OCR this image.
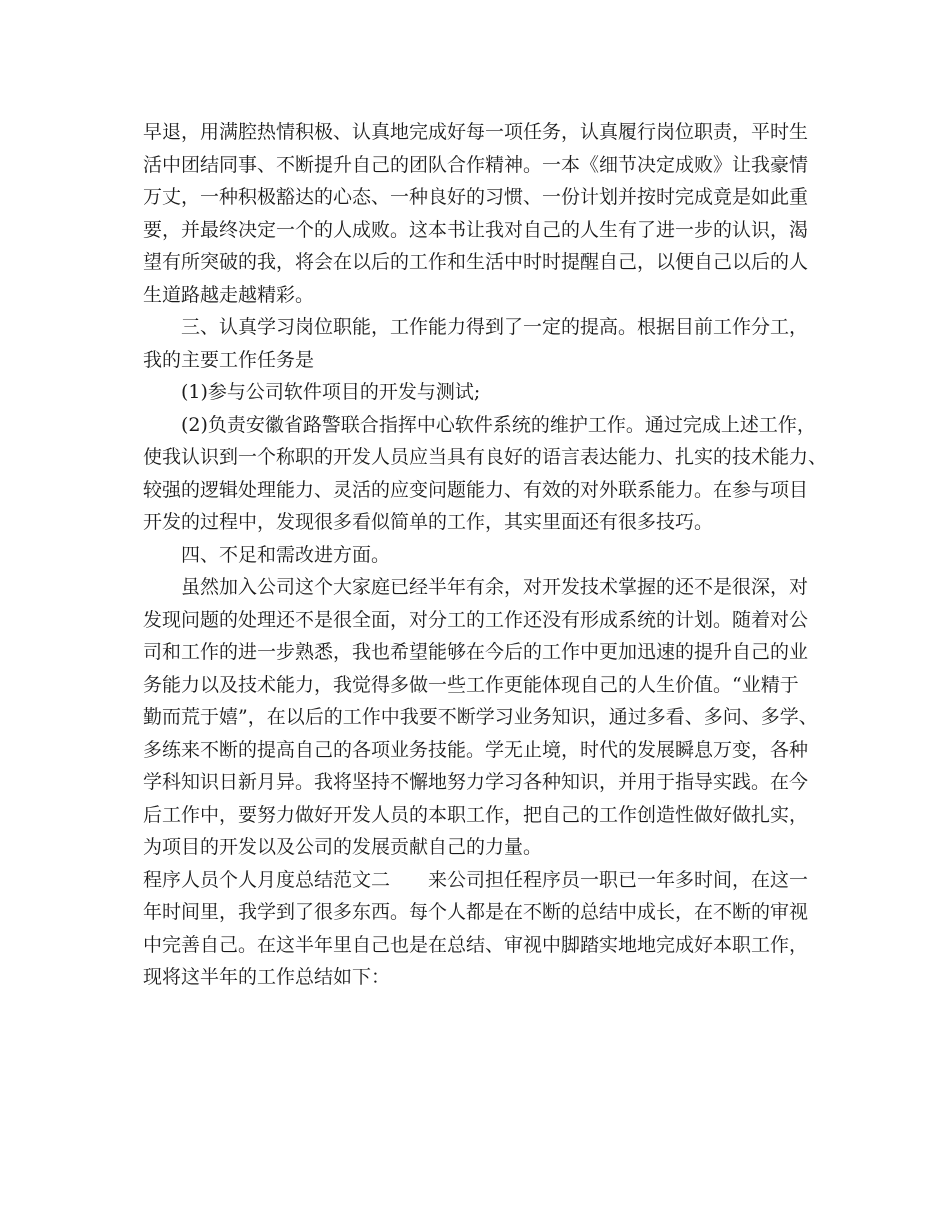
早退，用满腔热情积极、认真地完成好每一项任务，认真履行岗位职责，平时生
活中团结同事、不断提升自己的团队合作精神。一本《细节决定成败》让我豪情
万丈，一种积极豁达的心态、一种良好的习惯、一份计划并按时完成竟是如此重
要，并最终决定一个的人成败。这本书让我对自己的人生有了进一步的认识，渴
望有所突破的我，将会在以后的工作和生活中时时提醒自己，以便自己以后的人
生道路越走越精彩。
三、认真学习岗位职能，工作能力得到了一定的提高。根据目前工作分工，
我的主要工作任务是
(1)参与公司软件项目的开发与测试;
(2)负责安徽省路警联合指挥中心软件系统的维护工作。通过完成上述工作，
使我认识到一个称职的开发人员应当具有良好的语言表达能力、扎实的技术能力、
较强的逻辑处理能力、灵活的应变问题能力、有效的对外联系能力。在参与项目
开发的过程中，发现很多看似简单的工作，其实里面还有很多技巧。
四、不足和需改进方面。
虽然加入公司这个大家庭已经半年有余，对开发技术掌握的还不是很深，对
发现问题的处理还不是很全面，对分工的工作还没有形成系统的计划。随着对公
司和工作的进一步熟悉，我也希望能够在今后的工作中更加迅速的提升自己的业
务能力以及技术能力，我觉得多做一些工作更能体现自己的人生价值。“业精于
勤而荒于嬉”，在以后的工作中我要不断学习业务知识，通过多看、多问、多学、
多练来不断的提高自己的各项业务技能。学无止境，时代的发展瞬息万变，各种
学科知识日新月异。我将坚持不懈地努力学习各种知识，并用于指导实践。在今
后工作中，要努力做好开发人员的本职工作，把自己的工作创造性做好做扎实，
为项目的开发以及公司的发展贡献自己的力量。
程序人员个人月度总结范文二 来公司担任程序员一职已一年多时间，在这一
年时间里，我学到了很多东西。每个人都是在不断的总结中成长，在不断的审视
中完善自己。在这半年里自己也是在总结、审视中脚踏实地地完成好本职工作，
现将这半年的工作总结如下：
